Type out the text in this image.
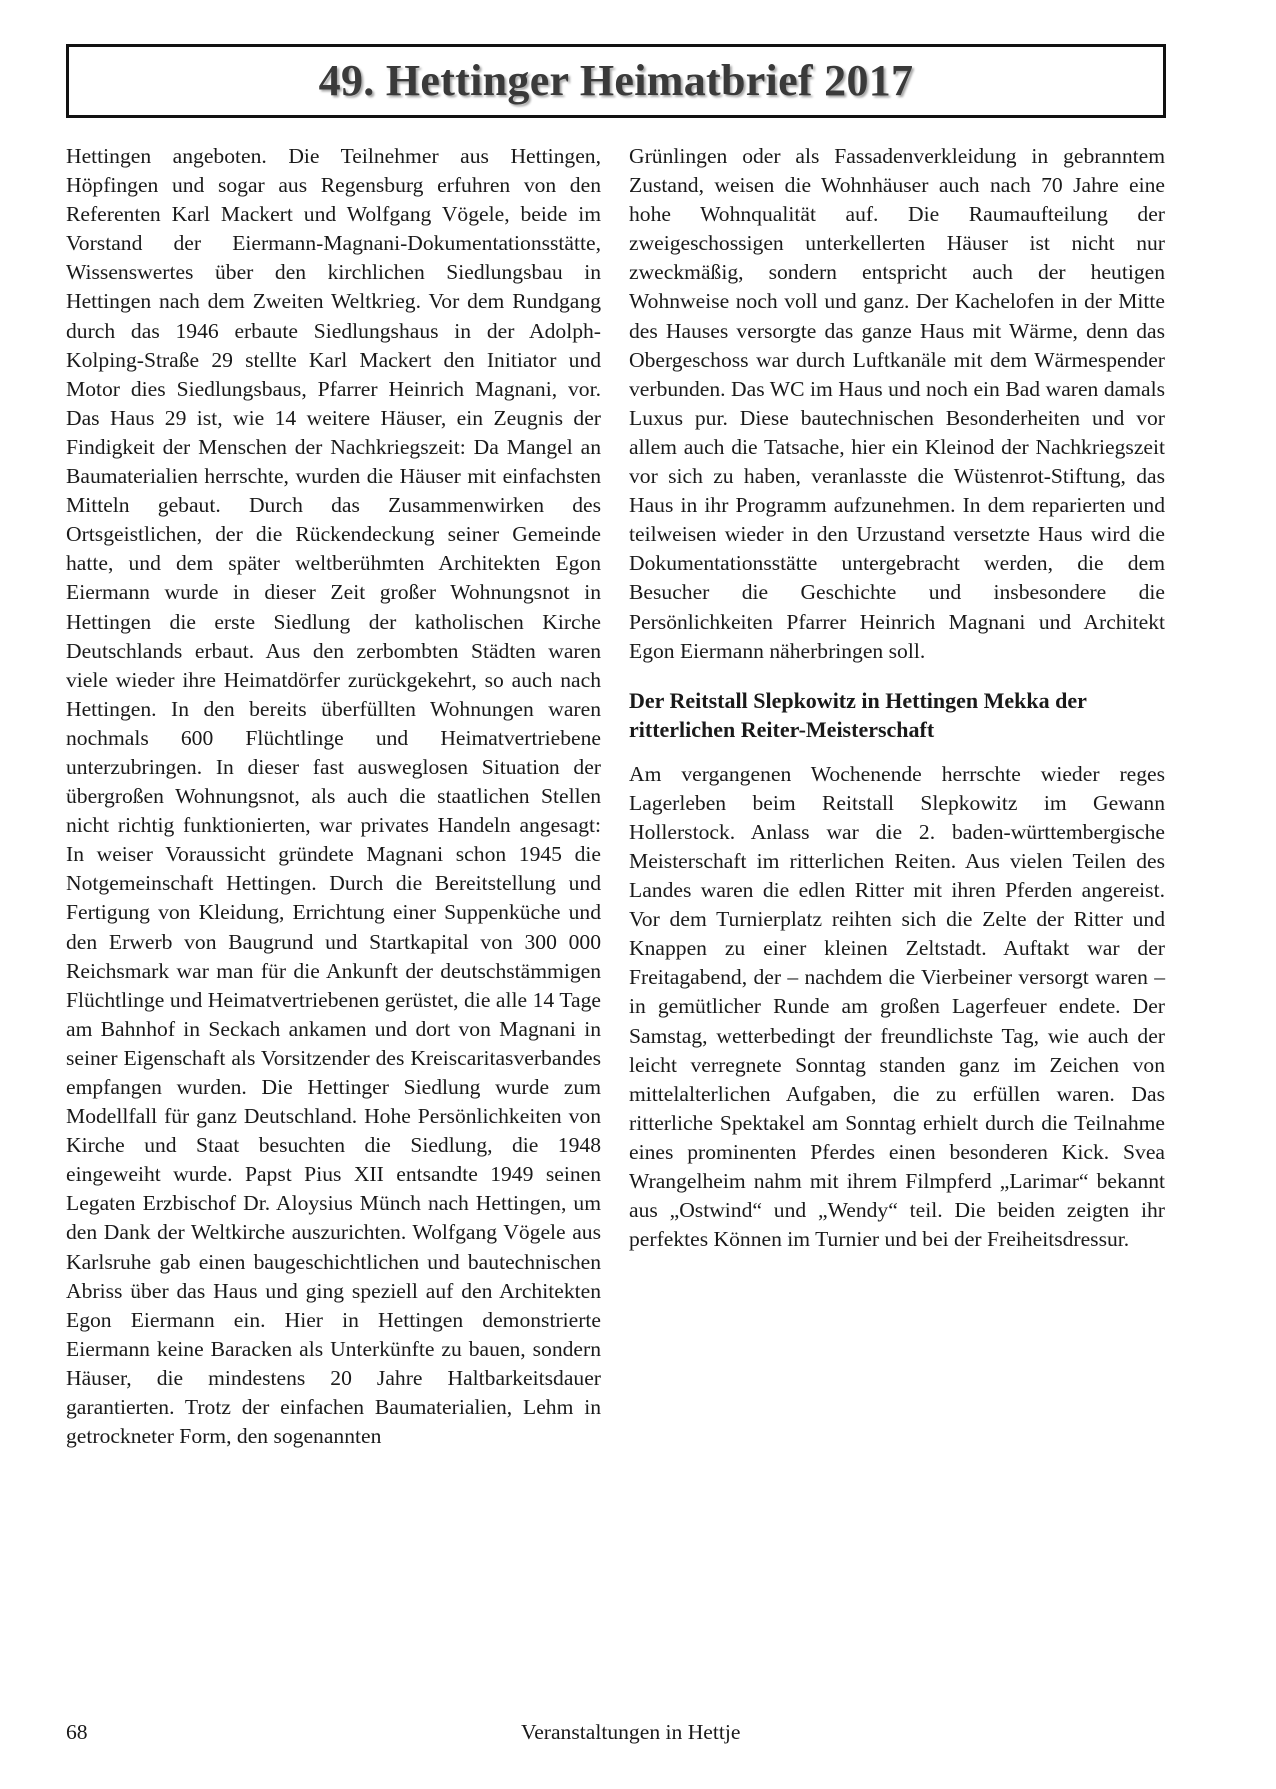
49. Hettinger Heimatbrief 2017

Hettingen angeboten. Die Teilnehmer aus Hettingen, Höpfingen und sogar aus Regensburg erfuhren von den Referenten Karl Mackert und Wolfgang Vögele, beide im Vorstand der Eiermann-Magnani-Dokumentationsstätte, Wissenswertes über den kirchlichen Siedlungsbau in Hettingen nach dem Zweiten Weltkrieg. Vor dem Rundgang durch das 1946 erbaute Siedlungshaus in der Adolph-Kolping-Straße 29 stellte Karl Mackert den Initiator und Motor dies Siedlungsbaus, Pfarrer Heinrich Magnani, vor. Das Haus 29 ist, wie 14 weitere Häuser, ein Zeugnis der Findigkeit der Menschen der Nachkriegszeit: Da Mangel an Baumaterialien herrschte, wurden die Häuser mit einfachsten Mitteln gebaut. Durch das Zusammenwirken des Ortsgeistlichen, der die Rückendeckung seiner Gemeinde hatte, und dem später weltberühmten Architekten Egon Eiermann wurde in dieser Zeit großer Wohnungsnot in Hettingen die erste Siedlung der katholischen Kirche Deutschlands erbaut. Aus den zerbombten Städten waren viele wieder ihre Heimatdörfer zurückgekehrt, so auch nach Hettingen. In den bereits überfüllten Wohnungen waren nochmals 600 Flüchtlinge und Heimatvertriebene unterzubringen. In dieser fast ausweglosen Situation der übergroßen Wohnungsnot, als auch die staatlichen Stellen nicht richtig funktionierten, war privates Handeln angesagt: In weiser Voraussicht gründete Magnani schon 1945 die Notgemeinschaft Hettingen. Durch die Bereitstellung und Fertigung von Kleidung, Errichtung einer Suppenküche und den Erwerb von Baugrund und Startkapital von 300 000 Reichsmark war man für die Ankunft der deutschstämmigen Flüchtlinge und Heimatvertriebenen gerüstet, die alle 14 Tage am Bahnhof in Seckach ankamen und dort von Magnani in seiner Eigenschaft als Vorsitzender des Kreiscaritasverbandes empfangen wurden. Die Hettinger Siedlung wurde zum Modellfall für ganz Deutschland. Hohe Persönlichkeiten von Kirche und Staat besuchten die Siedlung, die 1948 eingeweiht wurde. Papst Pius XII entsandte 1949 seinen Legaten Erzbischof Dr. Aloysius Münch nach Hettingen, um den Dank der Weltkirche auszurichten. Wolfgang Vögele aus Karlsruhe gab einen baugeschichtlichen und bautechnischen Abriss über das Haus und ging speziell auf den Architekten Egon Eiermann ein. Hier in Hettingen demonstrierte Eiermann keine Baracken als Unterkünfte zu bauen, sondern Häuser, die mindestens 20 Jahre Haltbarkeitsdauer garantierten. Trotz der einfachen Baumaterialien, Lehm in getrockneter Form, den sogenannten

Grünlingen oder als Fassadenverkleidung in gebranntem Zustand, weisen die Wohnhäuser auch nach 70 Jahre eine hohe Wohnqualität auf. Die Raumaufteilung der zweigeschossigen unterkellerten Häuser ist nicht nur zweckmäßig, sondern entspricht auch der heutigen Wohnweise noch voll und ganz. Der Kachelofen in der Mitte des Hauses versorgte das ganze Haus mit Wärme, denn das Obergeschoss war durch Luftkanäle mit dem Wärmespender verbunden. Das WC im Haus und noch ein Bad waren damals Luxus pur. Diese bautechnischen Besonderheiten und vor allem auch die Tatsache, hier ein Kleinod der Nachkriegszeit vor sich zu haben, veranlasste die Wüstenrot-Stiftung, das Haus in ihr Programm aufzunehmen. In dem reparierten und teilweisen wieder in den Urzustand versetzte Haus wird die Dokumentationsstätte untergebracht werden, die dem Besucher die Geschichte und insbesondere die Persönlichkeiten Pfarrer Heinrich Magnani und Architekt Egon Eiermann näherbringen soll.

Der Reitstall Slepkowitz in Hettingen Mekka der ritterlichen Reiter-Meisterschaft

Am vergangenen Wochenende herrschte wieder reges Lagerleben beim Reitstall Slepkowitz im Gewann Hollerstock. Anlass war die 2. baden-württembergische Meisterschaft im ritterlichen Reiten. Aus vielen Teilen des Landes waren die edlen Ritter mit ihren Pferden angereist. Vor dem Turnierplatz reihten sich die Zelte der Ritter und Knappen zu einer kleinen Zeltstadt. Auftakt war der Freitagabend, der – nachdem die Vierbeiner versorgt waren – in gemütlicher Runde am großen Lagerfeuer endete. Der Samstag, wetterbedingt der freundlichste Tag, wie auch der leicht verregnete Sonntag standen ganz im Zeichen von mittelalterlichen Aufgaben, die zu erfüllen waren. Das ritterliche Spektakel am Sonntag erhielt durch die Teilnahme eines prominenten Pferdes einen besonderen Kick. Svea Wrangelheim nahm mit ihrem Filmpferd „Larimar“ bekannt aus „Ostwind“ und „Wendy“ teil. Die beiden zeigten ihr perfektes Können im Turnier und bei der Freiheitsdressur.

68	Veranstaltungen in Hettje
